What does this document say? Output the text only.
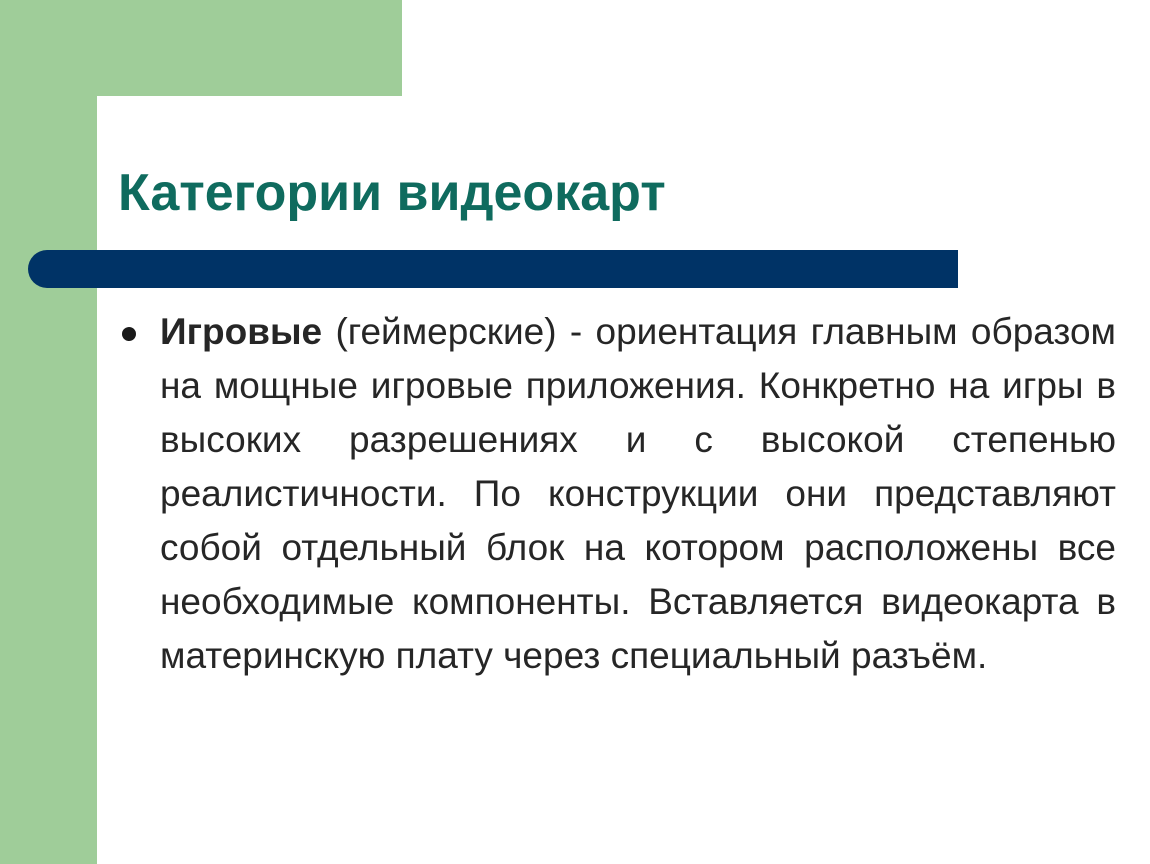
Категории видеокарт

Игровые (геймерские) - ориентация главным образом на мощные игровые приложения. Конкретно на игры в высоких разрешениях и с высокой степенью реалистичности. По конструкции они представляют собой отдельный блок на котором расположены все необходимые компоненты. Вставляется видеокарта в материнскую плату через специальный разъём.
